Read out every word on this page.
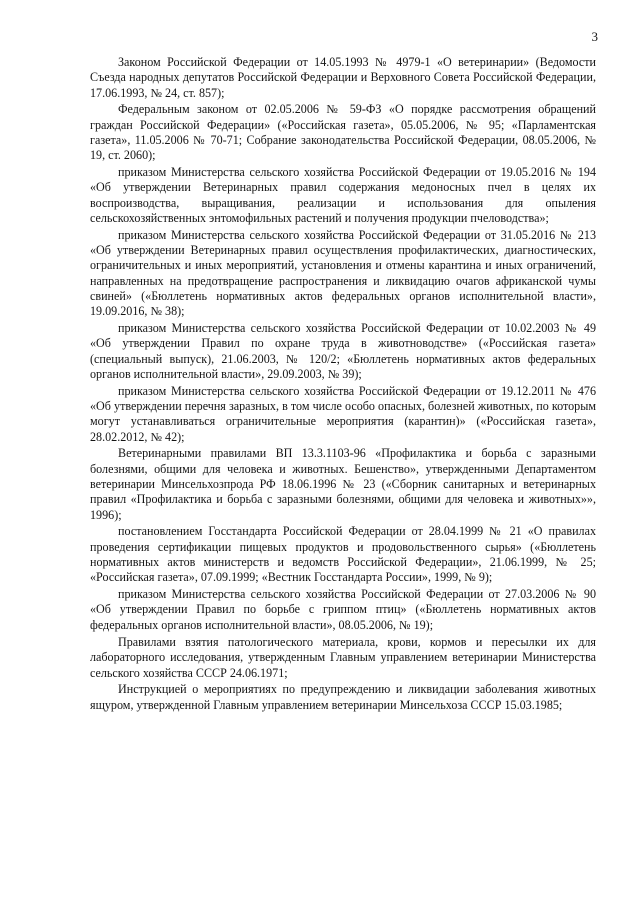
3

Законом Российской Федерации от 14.05.1993 № 4979-1 «О ветеринарии» (Ведомости Съезда народных депутатов Российской Федерации и Верховного Совета Российской Федерации, 17.06.1993, № 24, ст. 857);

Федеральным законом от 02.05.2006 № 59-ФЗ «О порядке рассмотрения обращений граждан Российской Федерации» («Российская газета», 05.05.2006, № 95; «Парламентская газета», 11.05.2006 № 70-71; Собрание законодательства Российской Федерации, 08.05.2006, № 19, ст. 2060);

приказом Министерства сельского хозяйства Российской Федерации от 19.05.2016 № 194 «Об утверждении Ветеринарных правил содержания медоносных пчел в целях их воспроизводства, выращивания, реализации и использования для опыления сельскохозяйственных энтомофильных растений и получения продукции пчеловодства»;

приказом Министерства сельского хозяйства Российской Федерации от 31.05.2016 № 213 «Об утверждении Ветеринарных правил осуществления профилактических, диагностических, ограничительных и иных мероприятий, установления и отмены карантина и иных ограничений, направленных на предотвращение распространения и ликвидацию очагов африканской чумы свиней» («Бюллетень нормативных актов федеральных органов исполнительной власти», 19.09.2016, № 38);

приказом Министерства сельского хозяйства Российской Федерации от 10.02.2003 № 49 «Об утверждении Правил по охране труда в животноводстве» («Российская газета» (специальный выпуск), 21.06.2003, № 120/2; «Бюллетень нормативных актов федеральных органов исполнительной власти», 29.09.2003, № 39);

приказом Министерства сельского хозяйства Российской Федерации от 19.12.2011 № 476 «Об утверждении перечня заразных, в том числе особо опасных, болезней животных, по которым могут устанавливаться ограничительные мероприятия (карантин)» («Российская газета», 28.02.2012, № 42);

Ветеринарными правилами ВП 13.3.1103-96 «Профилактика и борьба с заразными болезнями, общими для человека и животных. Бешенство», утвержденными Департаментом ветеринарии Минсельхозпрода РФ 18.06.1996 № 23 («Сборник санитарных и ветеринарных правил «Профилактика и борьба с заразными болезнями, общими для человека и животных»», 1996);

постановлением Госстандарта Российской Федерации от 28.04.1999 № 21 «О правилах проведения сертификации пищевых продуктов и продовольственного сырья» («Бюллетень нормативных актов министерств и ведомств Российской Федерации», 21.06.1999, № 25; «Российская газета», 07.09.1999; «Вестник Госстандарта России», 1999, № 9);

приказом Министерства сельского хозяйства Российской Федерации от 27.03.2006 № 90 «Об утверждении Правил по борьбе с гриппом птиц» («Бюллетень нормативных актов федеральных органов исполнительной власти», 08.05.2006, № 19);

Правилами взятия патологического материала, крови, кормов и пересылки их для лабораторного исследования, утвержденным Главным управлением ветеринарии Министерства сельского хозяйства СССР 24.06.1971;

Инструкцией о мероприятиях по предупреждению и ликвидации заболевания животных ящуром, утвержденной Главным управлением ветеринарии Минсельхоза СССР 15.03.1985;
